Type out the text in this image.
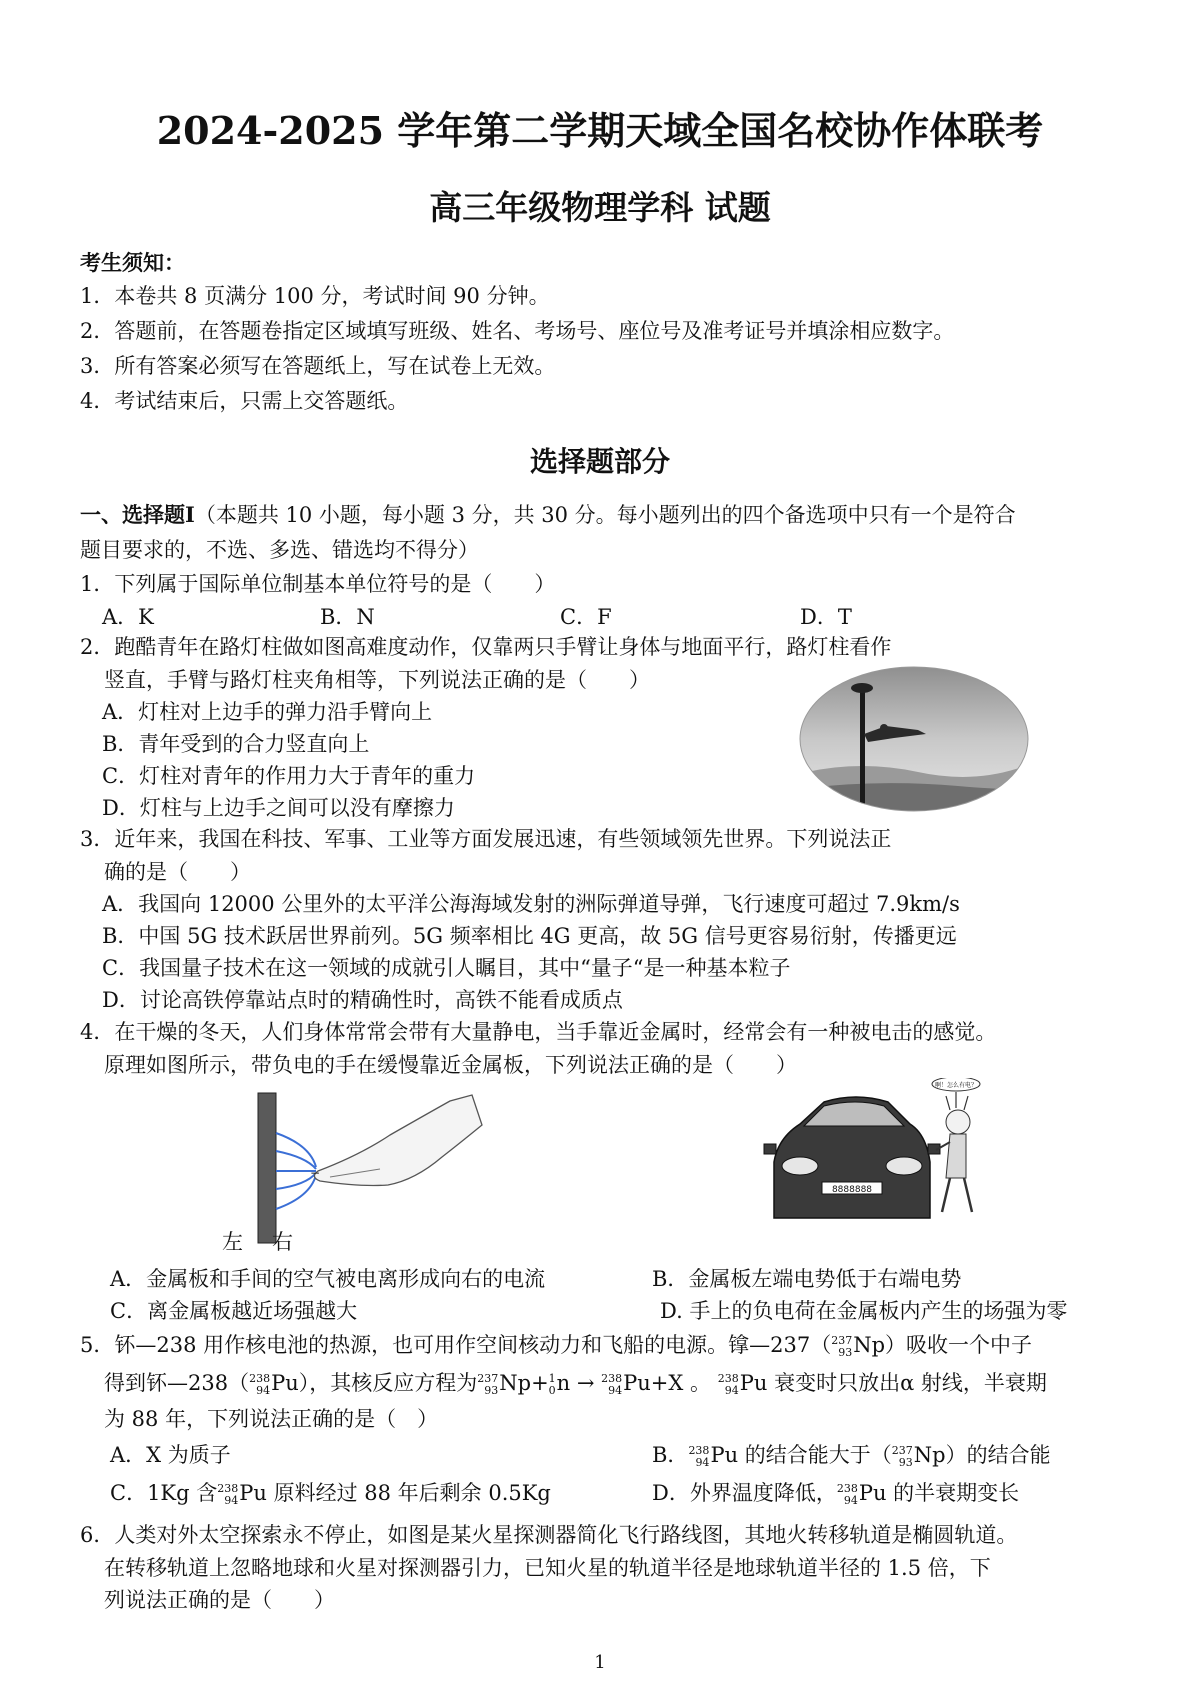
2024-2025 学年第二学期天域全国名校协作体联考
高三年级物理学科 试题
考生须知：
1．本卷共 8 页满分 100 分，考试时间 90 分钟。
2．答题前，在答题卷指定区域填写班级、姓名、考场号、座位号及准考证号并填涂相应数字。
3．所有答案必须写在答题纸上，写在试卷上无效。
4．考试结束后，只需上交答题纸。
选择题部分
一、选择题Ⅰ（本题共 10 小题，每小题 3 分，共 30 分。每小题列出的四个备选项中只有一个是符合
题目要求的，不选、多选、错选均不得分）
1．下列属于国际单位制基本单位符号的是（　　）
A．K	B．N	C．F	D．T
2．跑酷青年在路灯柱做如图高难度动作，仅靠两只手臂让身体与地面平行，路灯柱看作
竖直，手臂与路灯柱夹角相等，下列说法正确的是（　　）
A．灯柱对上边手的弹力沿手臂向上
B．青年受到的合力竖直向上
C．灯柱对青年的作用力大于青年的重力
D．灯柱与上边手之间可以没有摩擦力
3．近年来，我国在科技、军事、工业等方面发展迅速，有些领域领先世界。下列说法正
确的是（　　）
A．我国向 12000 公里外的太平洋公海海域发射的洲际弹道导弹，飞行速度可超过 7.9km/s
B．中国 5G 技术跃居世界前列。5G 频率相比 4G 更高，故 5G 信号更容易衍射，传播更远
C．我国量子技术在这一领域的成就引人瞩目，其中“量子“是一种基本粒子
D．讨论高铁停靠站点时的精确性时，高铁不能看成质点
4．在干燥的冬天，人们身体常常会带有大量静电，当手靠近金属时，经常会有一种被电击的感觉。
原理如图所示，带负电的手在缓慢靠近金属板，下列说法正确的是（　　）
−
左 右
8888888
啊！怎么有电？
A．金属板和手间的空气被电离形成向右的电流	B．金属板左端电势低于右端电势
C．离金属板越近场强越大	D. 手上的负电荷在金属板内产生的场强为零
5．钚—238 用作核电池的热源，也可用作空间核动力和飞船的电源。镎—237（ 237
93 Np）吸收一个中子
得到钚—238（ 238
94 Pu），其核反应方程为 237
93 Np+ 1
0 n → 238
94 Pu+X 。 238
94 Pu 衰变时只放出α 射线，半衰期
为 88 年，下列说法正确的是（　）
A．X 为质子	B． 238
94 Pu 的结合能大于（ 237
93 Np）的结合能
C．1Kg 含 238
94 Pu 原料经过 88 年后剩余 0.5Kg	D．外界温度降低， 238
94 Pu 的半衰期变长
6．人类对外太空探索永不停止，如图是某火星探测器简化飞行路线图，其地火转移轨道是椭圆轨道。
在转移轨道上忽略地球和火星对探测器引力，已知火星的轨道半径是地球轨道半径的 1.5 倍，下
列说法正确的是（　　）
1
